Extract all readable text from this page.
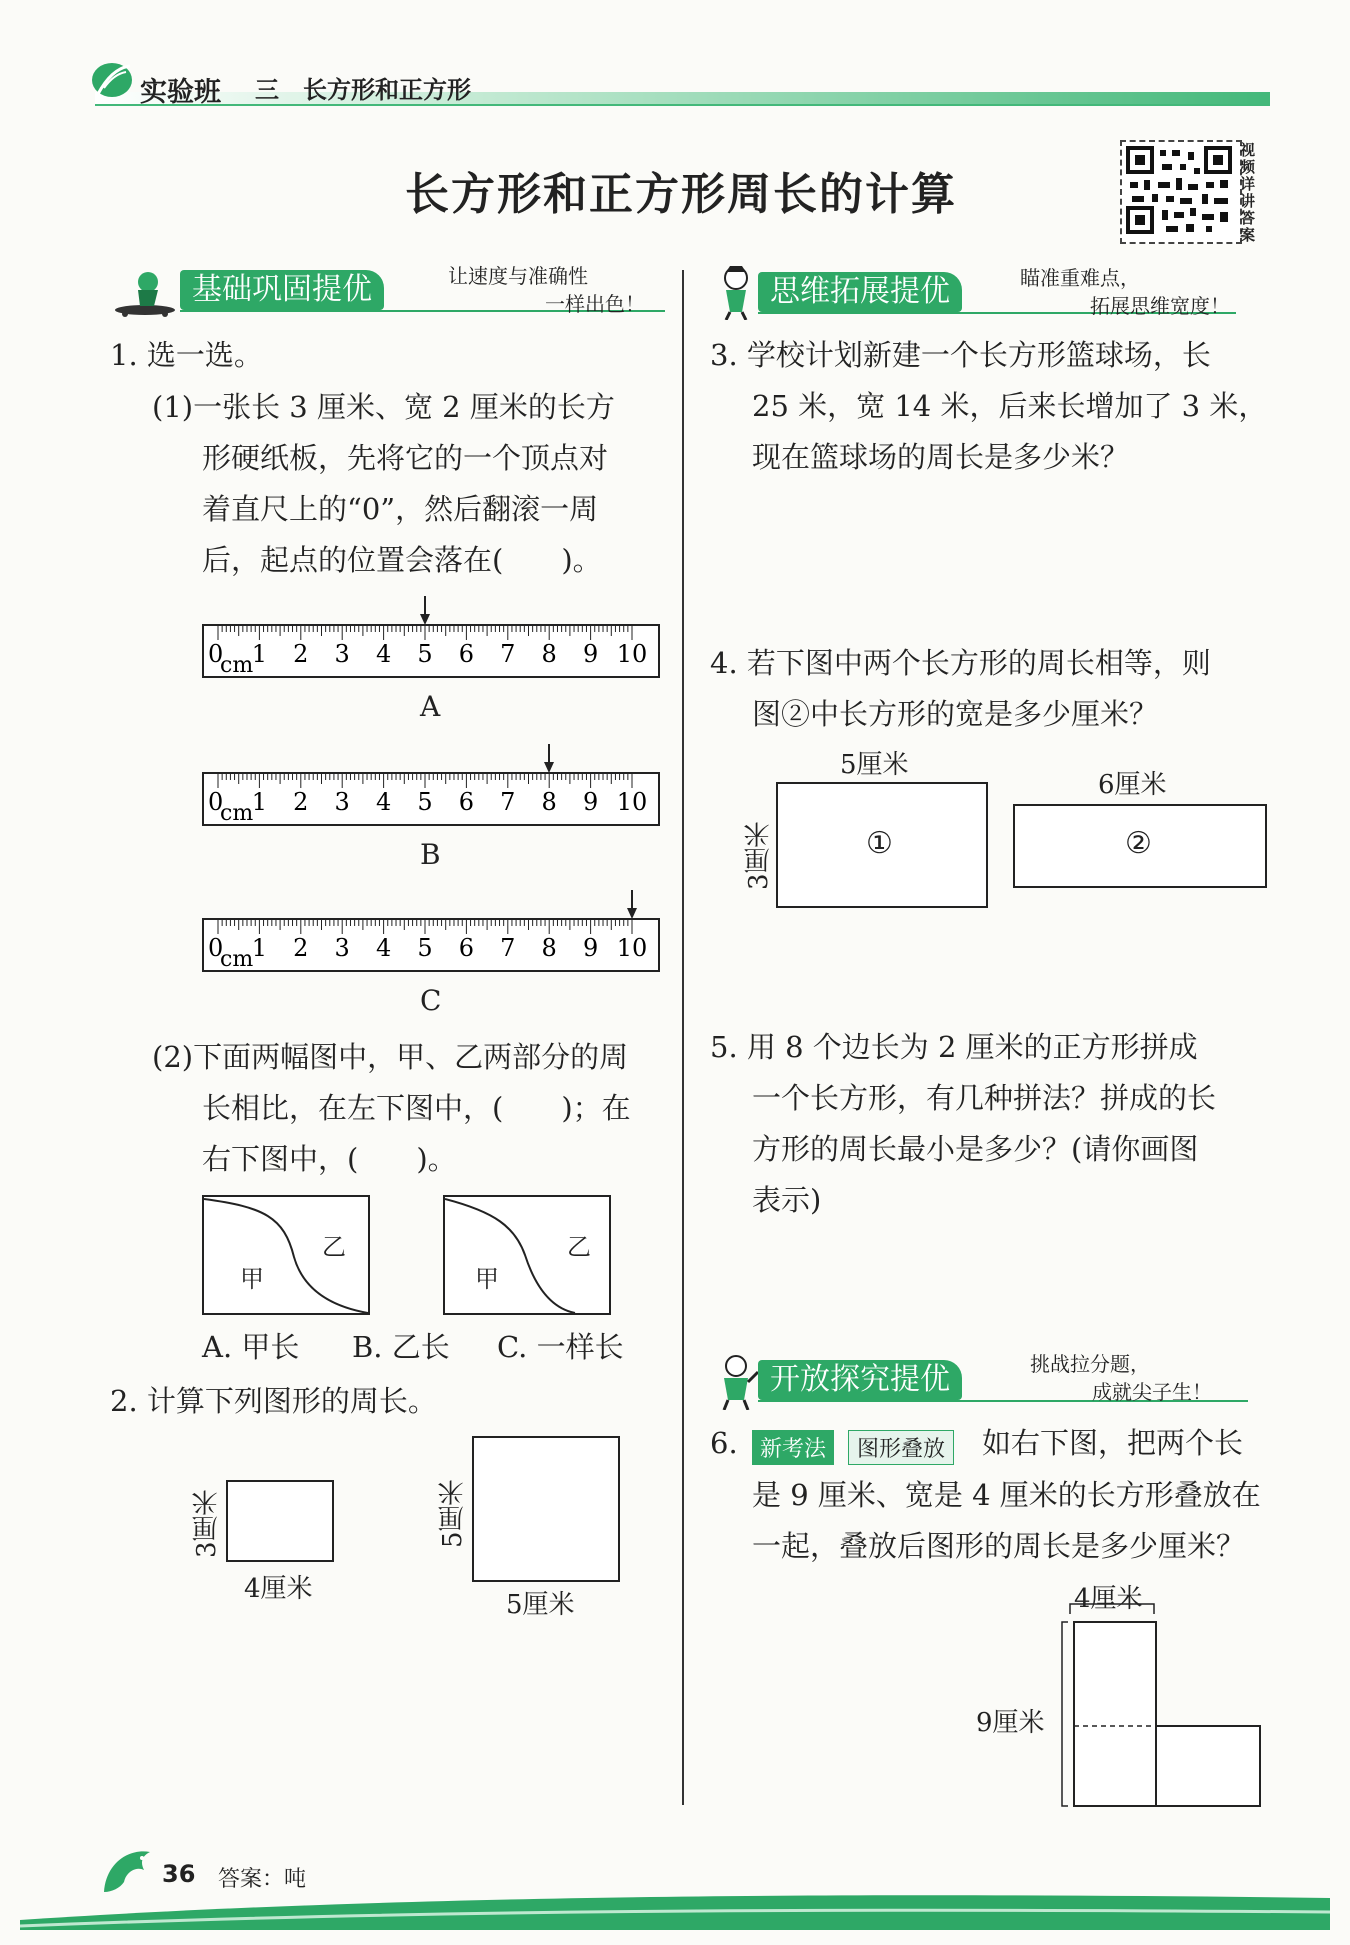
实验班 三　长方形和正方形
长方形和正方形周长的计算
视频详讲答案
基础巩固提优	让速度与准确性
一样出色！
1. 选一选。

(1)一张长 3 厘米、宽 2 厘米的长方

形硬纸板，先将它的一个顶点对

着直尺上的“0”，然后翻滚一周

后，起点的位置会落在(　　)。

0
cm
1 2 3 4 5 6 7 8 9 10
A
0
cm
1 2 3 4 5 6 7 8 9 10
B
0
cm
1 2 3 4 5 6 7 8 9 10
C

(2)下面两幅图中，甲、乙两部分的周

长相比，在左下图中，(　　)；在

右下图中，(　　)。

甲
乙
甲
乙
A. 甲长 B. 乙长 C. 一样长
2. 计算下列图形的周长。
3厘米
4厘米
5厘米
5厘米
思维拓展提优	瞄准重难点，
拓展思维宽度！

3. 学校计划新建一个长方形篮球场，长

25 米，宽 14 米，后来长增加了 3 米，

现在篮球场的周长是多少米？

4. 若下图中两个长方形的周长相等，则

图②中长方形的宽是多少厘米？

5厘米
3厘米	①
6厘米
②

5. 用 8 个边长为 2 厘米的正方形拼成

一个长方形，有几种拼法？拼成的长

方形的周长最小是多少？(请你画图

表示)

开放探究提优	挑战拉分题，
成就尖子生！
6.	新考法	图形叠放	如右下图，把两个长

是 9 厘米、宽是 4 厘米的长方形叠放在

一起，叠放后图形的周长是多少厘米？

4厘米
9厘米
36 答案：吨
